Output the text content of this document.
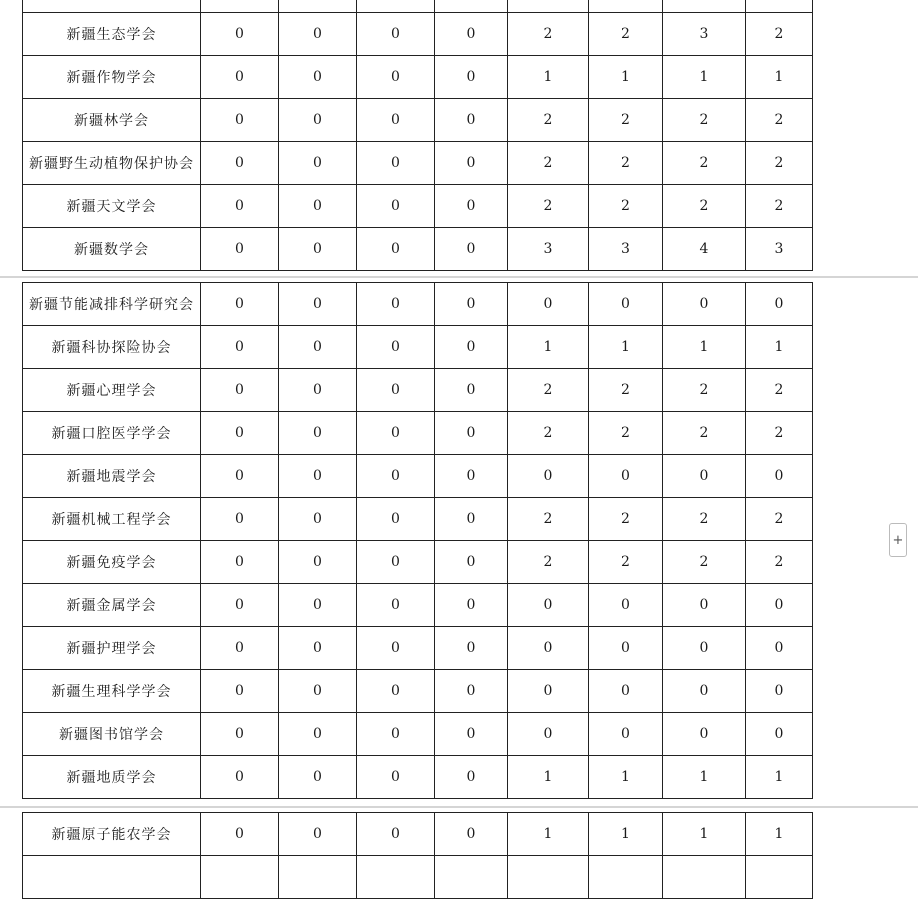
新疆生态学会	0	0	0	0	2	2	3	2
新疆作物学会	0	0	0	0	1	1	1	1
新疆林学会	0	0	0	0	2	2	2	2
新疆野生动植物保护协会	0	0	0	0	2	2	2	2
新疆天文学会	0	0	0	0	2	2	2	2
新疆数学会	0	0	0	0	3	3	4	3
新疆节能减排科学研究会	0	0	0	0	0	0	0	0
新疆科协探险协会	0	0	0	0	1	1	1	1
新疆心理学会	0	0	0	0	2	2	2	2
新疆口腔医学学会	0	0	0	0	2	2	2	2
新疆地震学会	0	0	0	0	0	0	0	0
新疆机械工程学会	0	0	0	0	2	2	2	2
新疆免疫学会	0	0	0	0	2	2	2	2
新疆金属学会	0	0	0	0	0	0	0	0
新疆护理学会	0	0	0	0	0	0	0	0
新疆生理科学学会	0	0	0	0	0	0	0	0
新疆图书馆学会	0	0	0	0	0	0	0	0
新疆地质学会	0	0	0	0	1	1	1	1
新疆原子能农学会	0	0	0	0	1	1	1	1

+
